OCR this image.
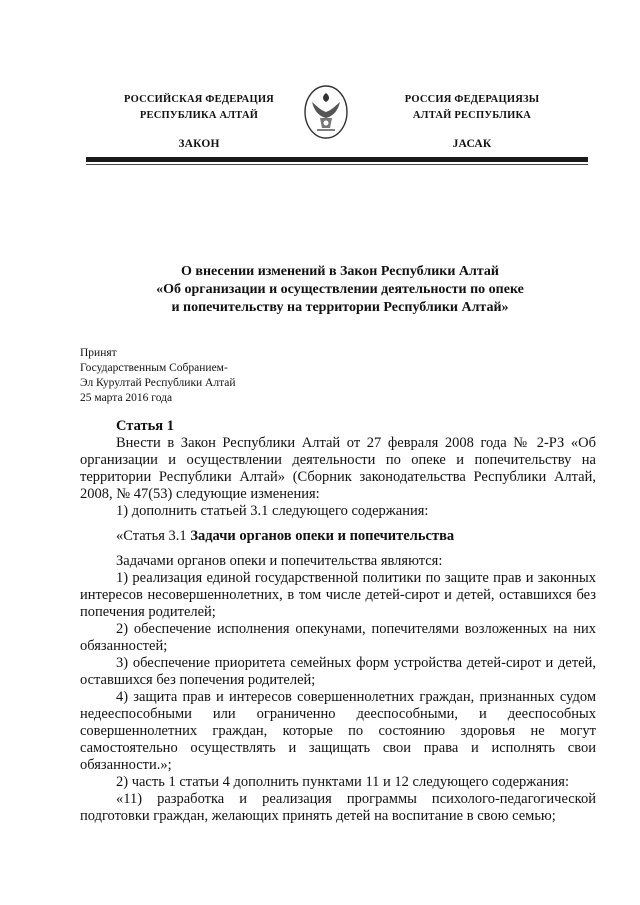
РОССИЙСКАЯ ФЕДЕРАЦИЯ
РЕСПУБЛИКА АЛТАЙ
ЗАКОН
РОССИЯ ФЕДЕРАЦИЯЗЫ
АЛТАЙ РЕСПУБЛИКА
JАСАК
О внесении изменений в Закон Республики Алтай
«Об организации и осуществлении деятельности по опеке
и попечительству на территории Республики Алтай»
Принят
Государственным Собранием-
Эл Курултай Республики Алтай
25 марта 2016 года

Статья 1

Внести в Закон Республики Алтай от 27 февраля 2008 года № 2-РЗ «Об организации и осуществлении деятельности по опеке и попечительству на территории Республики Алтай» (Сборник законодательства Республики Алтай, 2008, № 47(53) следующие изменения:

1) дополнить статьей 3.1 следующего содержания:

«Статья 3.1 Задачи органов опеки и попечительства

Задачами органов опеки и попечительства являются:

1) реализация единой государственной политики по защите прав и законных интересов несовершеннолетних, в том числе детей-сирот и детей, оставшихся без попечения родителей;

2) обеспечение исполнения опекунами, попечителями возложенных на них обязанностей;

3) обеспечение приоритета семейных форм устройства детей-сирот и детей, оставшихся без попечения родителей;

4) защита прав и интересов совершеннолетних граждан, признанных судом недееспособными или ограниченно дееспособными, и дееспособных совершеннолетних граждан, которые по состоянию здоровья не могут самостоятельно осуществлять и защищать свои права и исполнять свои обязанности.»;

2) часть 1 статьи 4 дополнить пунктами 11 и 12 следующего содержания:

«11) разработка и реализация программы психолого-педагогической подготовки граждан, желающих принять детей на воспитание в свою семью;
